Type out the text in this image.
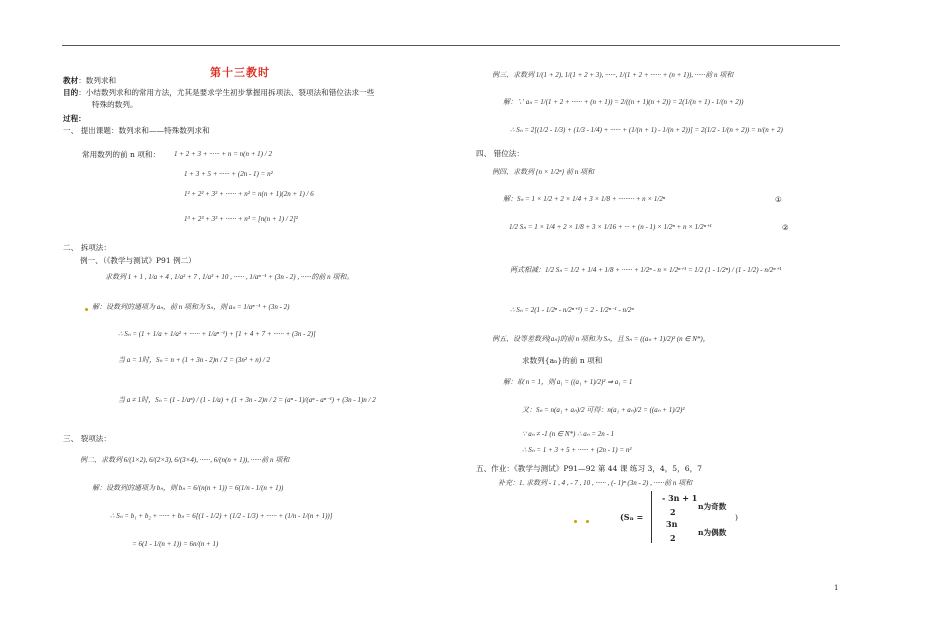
第十三教时
教材：数列求和
目的：小结数列求和的常用方法，尤其是要求学生初步掌握用拆项法、裂项法和错位法求一些
特殊的数列。
过程：
一、 提出课题：数列求和——特殊数列求和
常用数列的前 n 项和： 1 + 2 + 3 + ······ + n = n(n + 1) / 2
1 + 3 + 5 + ······ + (2n - 1) = n²
1² + 2² + 3² + ······ + n² = n(n + 1)(2n + 1) / 6
1³ + 2³ + 3³ + ······ + n³ = [n(n + 1) / 2]²
二、 拆项法：
例一、（《教学与测试》P91 例二）
求数列 1 + 1 , 1/a + 4 , 1/a² + 7 , 1/a³ + 10 , ······ , 1/aⁿ⁻¹ + (3n - 2) , ······的前 n 项和。
解：设数列的通项为 aₙ，前 n 项和为 Sₙ，则 aₙ = 1/aⁿ⁻¹ + (3n - 2)
∴ Sₙ = (1 + 1/a + 1/a² + ······ + 1/aⁿ⁻¹) + [1 + 4 + 7 + ······ + (3n - 2)]
当 a = 1时，Sₙ = n + (1 + 3n - 2)n / 2 = (3n² + n) / 2
当 a ≠ 1时，Sₙ = (1 - 1/aⁿ) / (1 - 1/a) + (1 + 3n - 2)n / 2 = (aⁿ - 1)/(aⁿ - aⁿ⁻¹) + (3n - 1)n / 2
三、 裂项法：
例二、求数列 6/(1×2), 6/(2×3), 6/(3×4), ······, 6/(n(n + 1)), ······前 n 项和
解：设数列的通项为 bₙ，则 bₙ = 6/(n(n + 1)) = 6(1/n - 1/(n + 1))
∴ Sₙ = b₁ + b₂ + ······ + bₙ = 6[(1 - 1/2) + (1/2 - 1/3) + ······ + (1/n - 1/(n + 1))]
= 6(1 - 1/(n + 1)) = 6n/(n + 1)
例三、求数列 1/(1 + 2), 1/(1 + 2 + 3), ······, 1/(1 + 2 + ······ + (n + 1)), ······前 n 项和
解：∵ aₙ = 1/(1 + 2 + ······ + (n + 1)) = 2/((n + 1)(n + 2)) = 2(1/(n + 1) - 1/(n + 2))
∴ Sₙ = 2[(1/2 - 1/3) + (1/3 - 1/4) + ······ + (1/(n + 1) - 1/(n + 2))] = 2(1/2 - 1/(n + 2)) = n/(n + 2)
四、 错位法：
例四、求数列 {n × 1/2ⁿ} 前 n 项和
解：Sₙ = 1 × 1/2 + 2 × 1/4 + 3 × 1/8 + ········· + n × 1/2ⁿ	①
1/2 Sₙ = 1 × 1/4 + 2 × 1/8 + 3 × 1/16 + ··· + (n - 1) × 1/2ⁿ + n × 1/2ⁿ⁺¹	②
两式相减：1/2 Sₙ = 1/2 + 1/4 + 1/8 + ······ + 1/2ⁿ - n × 1/2ⁿ⁺¹ = 1/2 (1 - 1/2ⁿ) / (1 - 1/2) - n/2ⁿ⁺¹
∴ Sₙ = 2(1 - 1/2ⁿ - n/2ⁿ⁺¹) = 2 - 1/2ⁿ⁻¹ - n/2ⁿ
例五、设等差数列{aₙ}的前 n 项和为 Sₙ，且 Sₙ = ((aₙ + 1)/2)² (n ∈ N*)，
求数列{aₙ}的前 n 项和
解：取 n = 1，则 a₁ = ((a₁ + 1)/2)² ⇒ a₁ = 1
又：Sₙ = n(a₁ + aₙ)/2 可得：n(a₁ + aₙ)/2 = ((aₙ + 1)/2)²
∵ aₙ ≠ -1 (n ∈ N*) ∴ aₙ = 2n - 1
∴ Sₙ = 1 + 3 + 5 + ······ + (2n - 1) = n²
五、作业：《教学与测试》P91—92 第 44 课 练习 3，4，5，6，7
补充：1. 求数列 - 1 , 4 , - 7 , 10 , ······ , (- 1)ⁿ (3n - 2) , ······前 n 项和
(Sₙ =
- 3n + 1
2
n为奇数
3n
2
n为偶数
)
1
